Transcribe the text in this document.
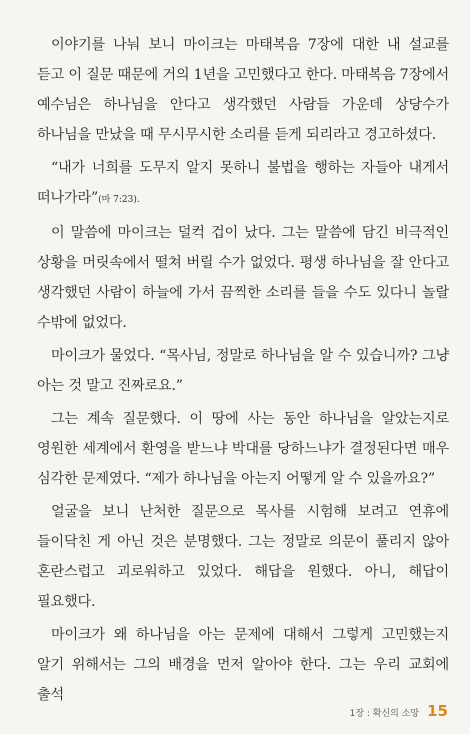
이야기를 나눠 보니 마이크는 마태복음 7장에 대한 내 설교를 듣고 이 질문 때문에 거의 1년을 고민했다고 한다. 마태복음 7장에서 예수님은 하나님을 안다고 생각했던 사람들 가운데 상당수가 하나님을 만났을 때 무시무시한 소리를 듣게 되리라고 경고하셨다.

“내가 너희를 도무지 알지 못하니 불법을 행하는 자들아 내게서 떠나가라”(마 7:23).

이 말씀에 마이크는 덜컥 겁이 났다. 그는 말씀에 담긴 비극적인 상황을 머릿속에서 떨쳐 버릴 수가 없었다. 평생 하나님을 잘 안다고 생각했던 사람이 하늘에 가서 끔찍한 소리를 들을 수도 있다니 놀랄 수밖에 없었다.

마이크가 물었다. “목사님, 정말로 하나님을 알 수 있습니까? 그냥 아는 것 말고 진짜로요.”

그는 계속 질문했다. 이 땅에 사는 동안 하나님을 알았는지로 영원한 세계에서 환영을 받느냐 박대를 당하느냐가 결정된다면 매우 심각한 문제였다. “제가 하나님을 아는지 어떻게 알 수 있을까요?”

얼굴을 보니 난처한 질문으로 목사를 시험해 보려고 연휴에 들이닥친 게 아닌 것은 분명했다. 그는 정말로 의문이 풀리지 않아 혼란스럽고 괴로워하고 있었다. 해답을 원했다. 아니, 해답이 필요했다.

마이크가 왜 하나님을 아는 문제에 대해서 그렇게 고민했는지 알기 위해서는 그의 배경을 먼저 알아야 한다. 그는 우리 교회에 출석

1장 : 확신의 소망 15
